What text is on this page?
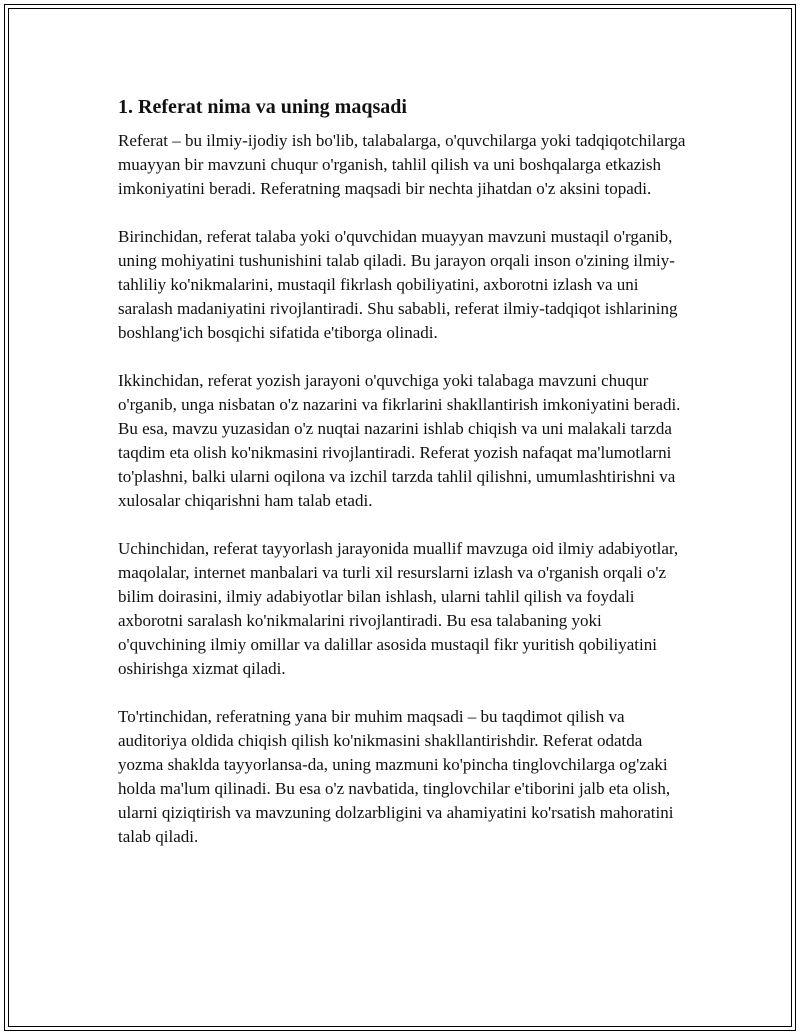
1. Referat nima va uning maqsadi

Referat – bu ilmiy-ijodiy ish bo'lib, talabalarga, o'quvchilarga yoki tadqiqotchilarga muayyan bir mavzuni chuqur o'rganish, tahlil qilish va uni boshqalarga etkazish imkoniyatini beradi. Referatning maqsadi bir nechta jihatdan o'z aksini topadi.

Birinchidan, referat talaba yoki o'quvchidan muayyan mavzuni mustaqil o'rganib, uning mohiyatini tushunishini talab qiladi. Bu jarayon orqali inson o'zining ilmiy-tahliliy ko'nikmalarini, mustaqil fikrlash qobiliyatini, axborotni izlash va uni saralash madaniyatini rivojlantiradi. Shu sababli, referat ilmiy-tadqiqot ishlarining boshlang'ich bosqichi sifatida e'tiborga olinadi.

Ikkinchidan, referat yozish jarayoni o'quvchiga yoki talabaga mavzuni chuqur o'rganib, unga nisbatan o'z nazarini va fikrlarini shakllantirish imkoniyatini beradi. Bu esa, mavzu yuzasidan o'z nuqtai nazarini ishlab chiqish va uni malakali tarzda taqdim eta olish ko'nikmasini rivojlantiradi. Referat yozish nafaqat ma'lumotlarni to'plashni, balki ularni oqilona va izchil tarzda tahlil qilishni, umumlashtirishni va xulosalar chiqarishni ham talab etadi.

Uchinchidan, referat tayyorlash jarayonida muallif mavzuga oid ilmiy adabiyotlar, maqolalar, internet manbalari va turli xil resurslarni izlash va o'rganish orqali o'z bilim doirasini, ilmiy adabiyotlar bilan ishlash, ularni tahlil qilish va foydali axborotni saralash ko'nikmalarini rivojlantiradi. Bu esa talabaning yoki o'quvchining ilmiy omillar va dalillar asosida mustaqil fikr yuritish qobiliyatini oshirishga xizmat qiladi.

To'rtinchidan, referatning yana bir muhim maqsadi – bu taqdimot qilish va auditoriya oldida chiqish qilish ko'nikmasini shakllantirishdir. Referat odatda yozma shaklda tayyorlansa-da, uning mazmuni ko'pincha tinglovchilarga og'zaki holda ma'lum qilinadi. Bu esa o'z navbatida, tinglovchilar e'tiborini jalb eta olish, ularni qiziqtirish va mavzuning dolzarbligini va ahamiyatini ko'rsatish mahoratini talab qiladi.
